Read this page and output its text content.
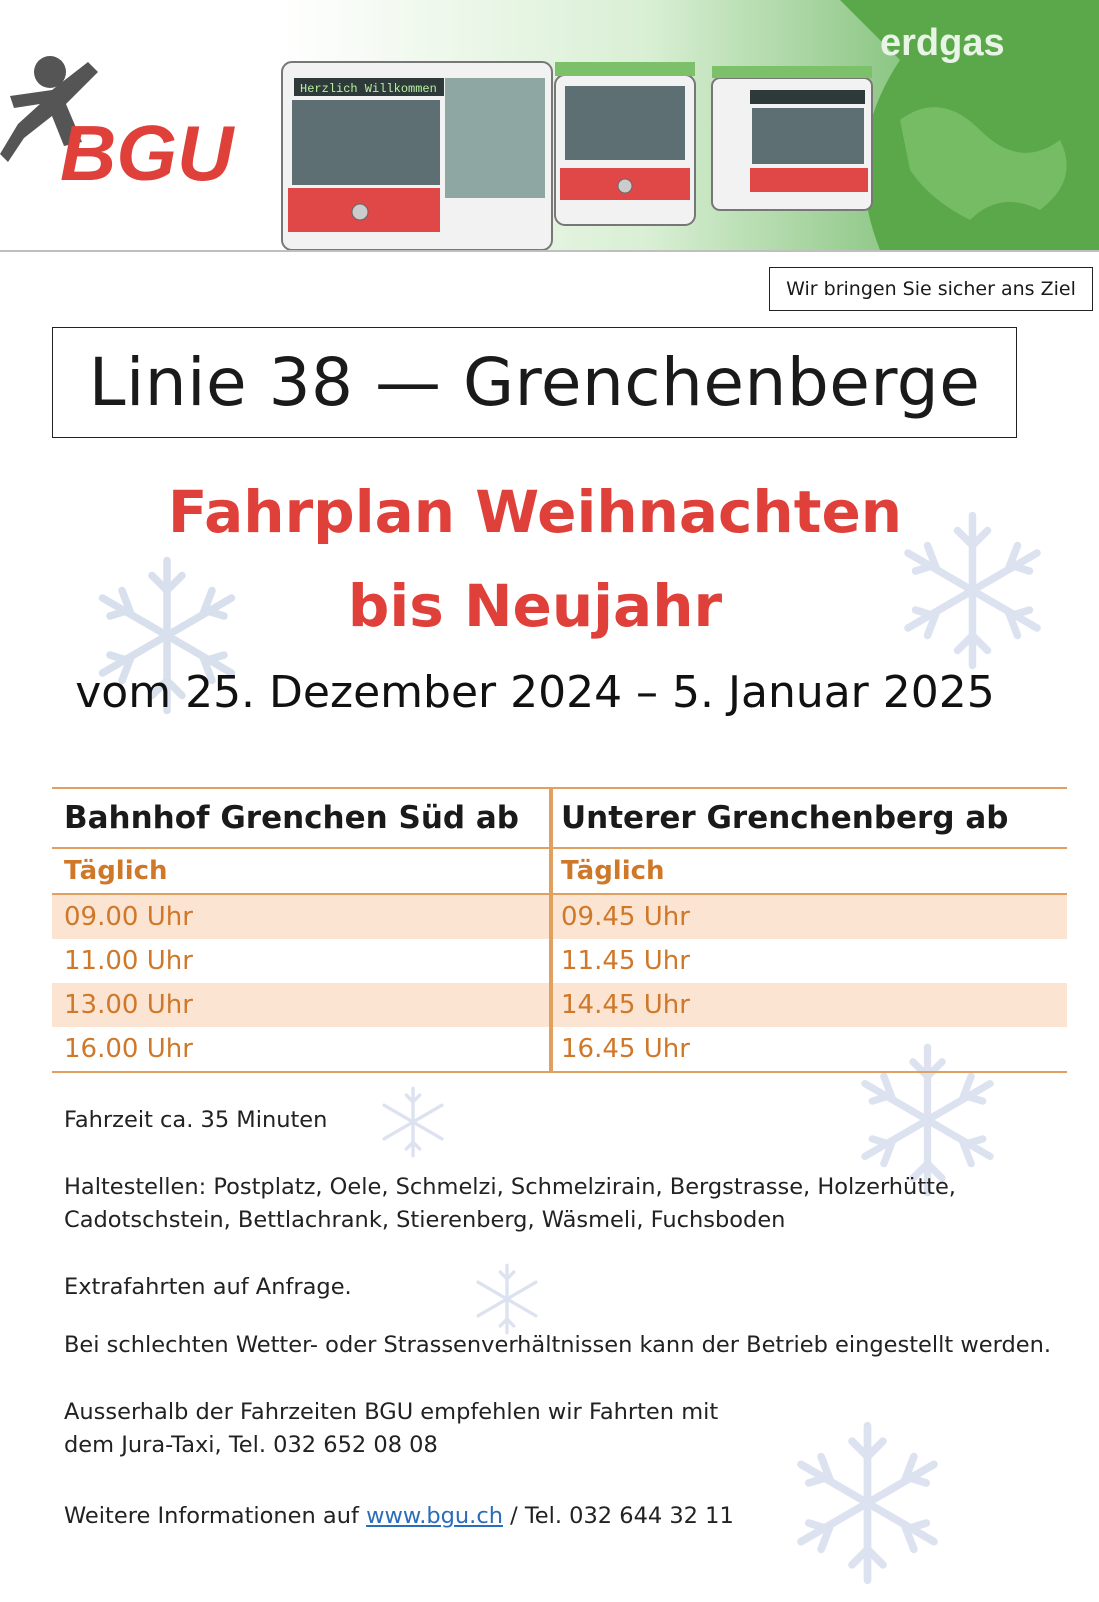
erdgas
Herzlich Willkommen
BGU
Wir bringen Sie sicher ans Ziel
Linie 38 — Grenchenberge
Fahrplan Weihnachten
bis Neujahr
vom 25. Dezember 2024 – 5. Januar 2025
Bahnhof Grenchen Süd ab	Unterer Grenchenberg ab
Täglich	Täglich
09.00 Uhr	09.45 Uhr
11.00 Uhr	11.45 Uhr
13.00 Uhr	14.45 Uhr
16.00 Uhr	16.45 Uhr
Fahrzeit ca. 35 Minuten
Haltestellen: Postplatz, Oele, Schmelzi, Schmelzirain, Bergstrasse, Holzerhütte,
Cadotschstein, Bettlachrank, Stierenberg, Wäsmeli, Fuchsboden
Extrafahrten auf Anfrage.
Bei schlechten Wetter- oder Strassenverhältnissen kann der Betrieb eingestellt werden.
Ausserhalb der Fahrzeiten BGU empfehlen wir Fahrten mit
dem Jura-Taxi, Tel. 032 652 08 08
Weitere Informationen auf www.bgu.ch / Tel. 032 644 32 11
